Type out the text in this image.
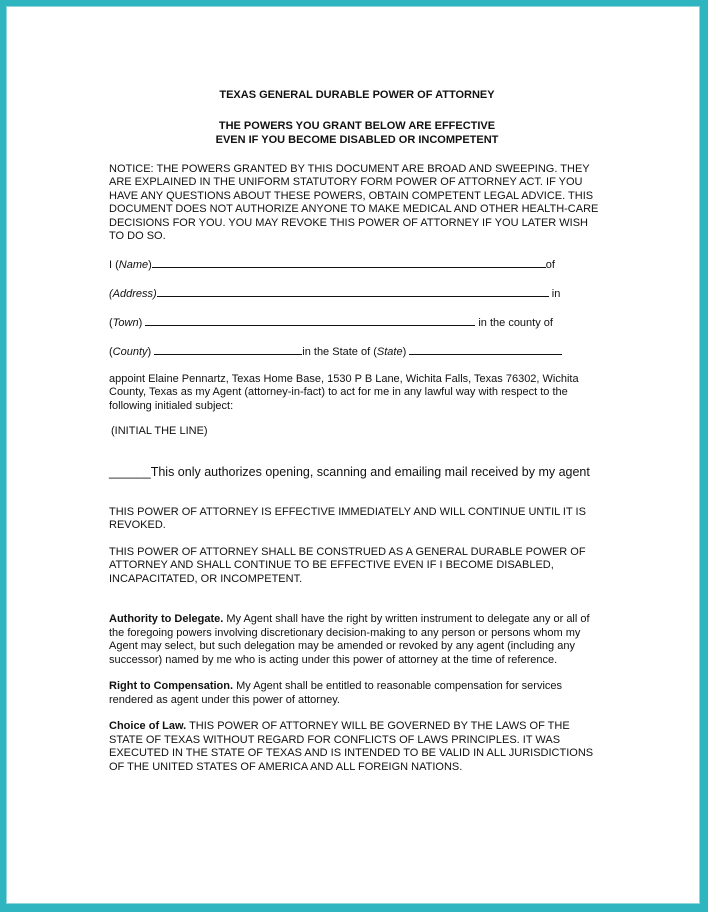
TEXAS GENERAL DURABLE POWER OF ATTORNEY

THE POWERS YOU GRANT BELOW ARE EFFECTIVE
EVEN IF YOU BECOME DISABLED OR INCOMPETENT

NOTICE: THE POWERS GRANTED BY THIS DOCUMENT ARE BROAD AND SWEEPING. THEY ARE EXPLAINED IN THE UNIFORM STATUTORY FORM POWER OF ATTORNEY ACT. IF YOU HAVE ANY QUESTIONS ABOUT THESE POWERS, OBTAIN COMPETENT LEGAL ADVICE. THIS DOCUMENT DOES NOT AUTHORIZE ANYONE TO MAKE MEDICAL AND OTHER HEALTH-CARE DECISIONS FOR YOU. YOU MAY REVOKE THIS POWER OF ATTORNEY IF YOU LATER WISH TO DO SO.

I (Name)	of

(Address)	in

(Town)	in the county of

(County)	in the State of (State)

appoint Elaine Pennartz, Texas Home Base, 1530 P B Lane, Wichita Falls, Texas 76302, Wichita County, Texas as my Agent (attorney-in-fact) to act for me in any lawful way with respect to the following initialed subject:

(INITIAL THE LINE)

______This only authorizes opening, scanning and emailing mail received by my agent

THIS POWER OF ATTORNEY IS EFFECTIVE IMMEDIATELY AND WILL CONTINUE UNTIL IT IS REVOKED.

THIS POWER OF ATTORNEY SHALL BE CONSTRUED AS A GENERAL DURABLE POWER OF ATTORNEY AND SHALL CONTINUE TO BE EFFECTIVE EVEN IF I BECOME DISABLED, INCAPACITATED, OR INCOMPETENT.

Authority to Delegate. My Agent shall have the right by written instrument to delegate any or all of the foregoing powers involving discretionary decision-making to any person or persons whom my Agent may select, but such delegation may be amended or revoked by any agent (including any successor) named by me who is acting under this power of attorney at the time of reference.

Right to Compensation. My Agent shall be entitled to reasonable compensation for services rendered as agent under this power of attorney.

Choice of Law. THIS POWER OF ATTORNEY WILL BE GOVERNED BY THE LAWS OF THE STATE OF TEXAS WITHOUT REGARD FOR CONFLICTS OF LAWS PRINCIPLES. IT WAS EXECUTED IN THE STATE OF TEXAS AND IS INTENDED TO BE VALID IN ALL JURISDICTIONS OF THE UNITED STATES OF AMERICA AND ALL FOREIGN NATIONS.
